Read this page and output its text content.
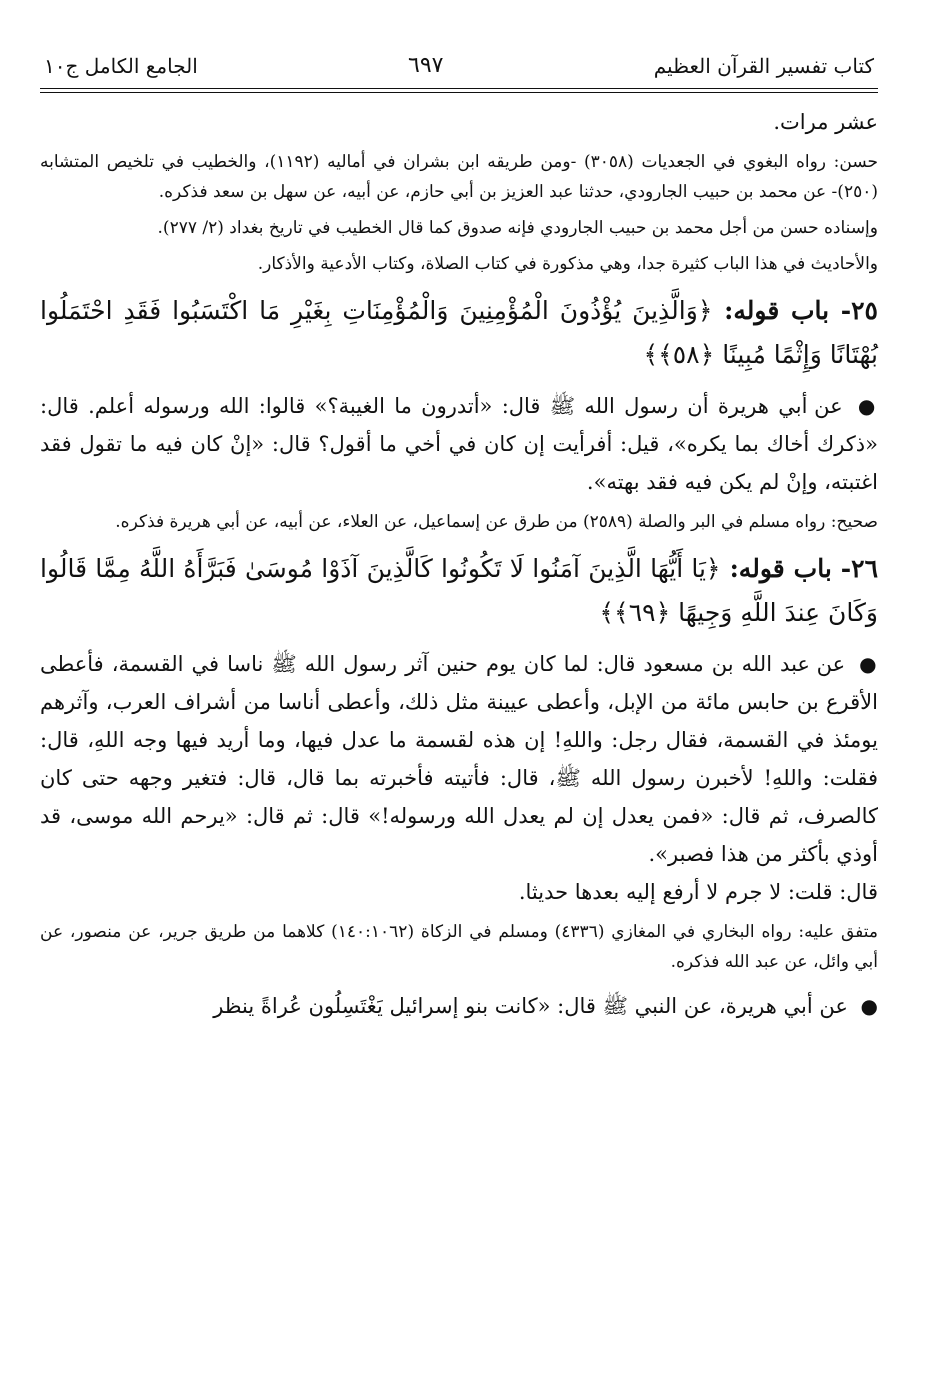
كتاب تفسير القرآن العظيم
٦٩٧
الجامع الكامل ج١٠

عشر مرات.

حسن: رواه البغوي في الجعديات (٣٠٥٨) -ومن طريقه ابن بشران في أماليه (١١٩٢)، والخطيب في تلخيص المتشابه (٢٥٠)- عن محمد بن حبيب الجارودي، حدثنا عبد العزيز بن أبي حازم، عن أبيه، عن سهل بن سعد فذكره.

وإسناده حسن من أجل محمد بن حبيب الجارودي فإنه صدوق كما قال الخطيب في تاريخ بغداد (٢/ ٢٧٧).

والأحاديث في هذا الباب كثيرة جدا، وهي مذكورة في كتاب الصلاة، وكتاب الأدعية والأذكار.

٢٥- باب قوله: ﴿وَالَّذِينَ يُؤْذُونَ الْمُؤْمِنِينَ وَالْمُؤْمِنَاتِ بِغَيْرِ مَا اكْتَسَبُوا فَقَدِ احْتَمَلُوا بُهْتَانًا وَإِثْمًا مُبِينًا ﴿٥٨﴾﴾

● عن أبي هريرة أن رسول الله ﷺ قال: «أتدرون ما الغيبة؟» قالوا: الله ورسوله أعلم. قال: «ذكرك أخاك بما يكره»، قيل: أفرأيت إن كان في أخي ما أقول؟ قال: «إنْ كان فيه ما تقول فقد اغتبته، وإنْ لم يكن فيه فقد بهته».

صحيح: رواه مسلم في البر والصلة (٢٥٨٩) من طرق عن إسماعيل، عن العلاء، عن أبيه، عن أبي هريرة فذكره.

٢٦- باب قوله: ﴿يَا أَيُّهَا الَّذِينَ آمَنُوا لَا تَكُونُوا كَالَّذِينَ آذَوْا مُوسَىٰ فَبَرَّأَهُ اللَّهُ مِمَّا قَالُوا وَكَانَ عِندَ اللَّهِ وَجِيهًا ﴿٦٩﴾﴾

● عن عبد الله بن مسعود قال: لما كان يوم حنين آثر رسول الله ﷺ ناسا في القسمة، فأعطى الأقرع بن حابس مائة من الإبل، وأعطى عيينة مثل ذلك، وأعطى أناسا من أشراف العرب، وآثرهم يومئذ في القسمة، فقال رجل: واللهِ! إن هذه لقسمة ما عدل فيها، وما أريد فيها وجه اللهِ، قال: فقلت: واللهِ! لأخبرن رسول الله ﷺ، قال: فأتيته فأخبرته بما قال، قال: فتغير وجهه حتى كان كالصرف، ثم قال: «فمن يعدل إن لم يعدل الله ورسوله!» قال: ثم قال: «يرحم الله موسى، قد أوذي بأكثر من هذا فصبر».

قال: قلت: لا جرم لا أرفع إليه بعدها حديثا.

متفق عليه: رواه البخاري في المغازي (٤٣٣٦) ومسلم في الزكاة (١٤٠:١٠٦٢) كلاهما من طريق جرير، عن منصور، عن أبي وائل، عن عبد الله فذكره.

● عن أبي هريرة، عن النبي ﷺ قال: «كانت بنو إسرائيل يَغْتَسِلُون عُراةً ينظر
